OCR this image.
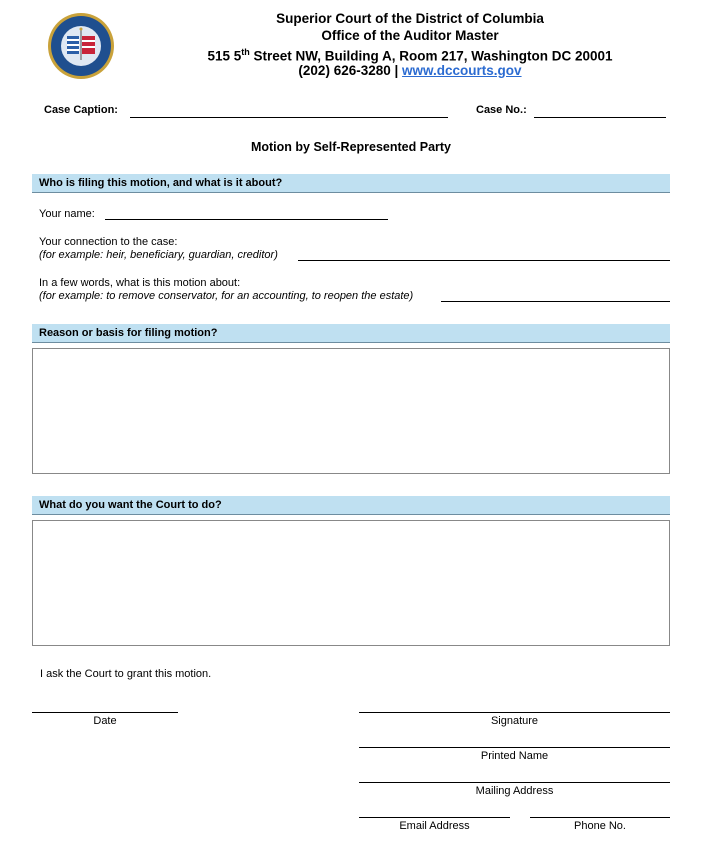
Superior Court of the District of Columbia
Office of the Auditor Master
515 5th Street NW, Building A, Room 217, Washington DC 20001
(202) 626-3280 | www.dccourts.gov
Case Caption:	Case No.:
Motion by Self-Represented Party
Who is filing this motion, and what is it about?
Your name:
Your connection to the case:
(for example: heir, beneficiary, guardian, creditor)
In a few words, what is this motion about:
(for example: to remove conservator, for an accounting, to reopen the estate)
Reason or basis for filing motion?
What do you want the Court to do?
I ask the Court to grant this motion.
Date	Signature
Printed Name
Mailing Address
Email Address	Phone No.
